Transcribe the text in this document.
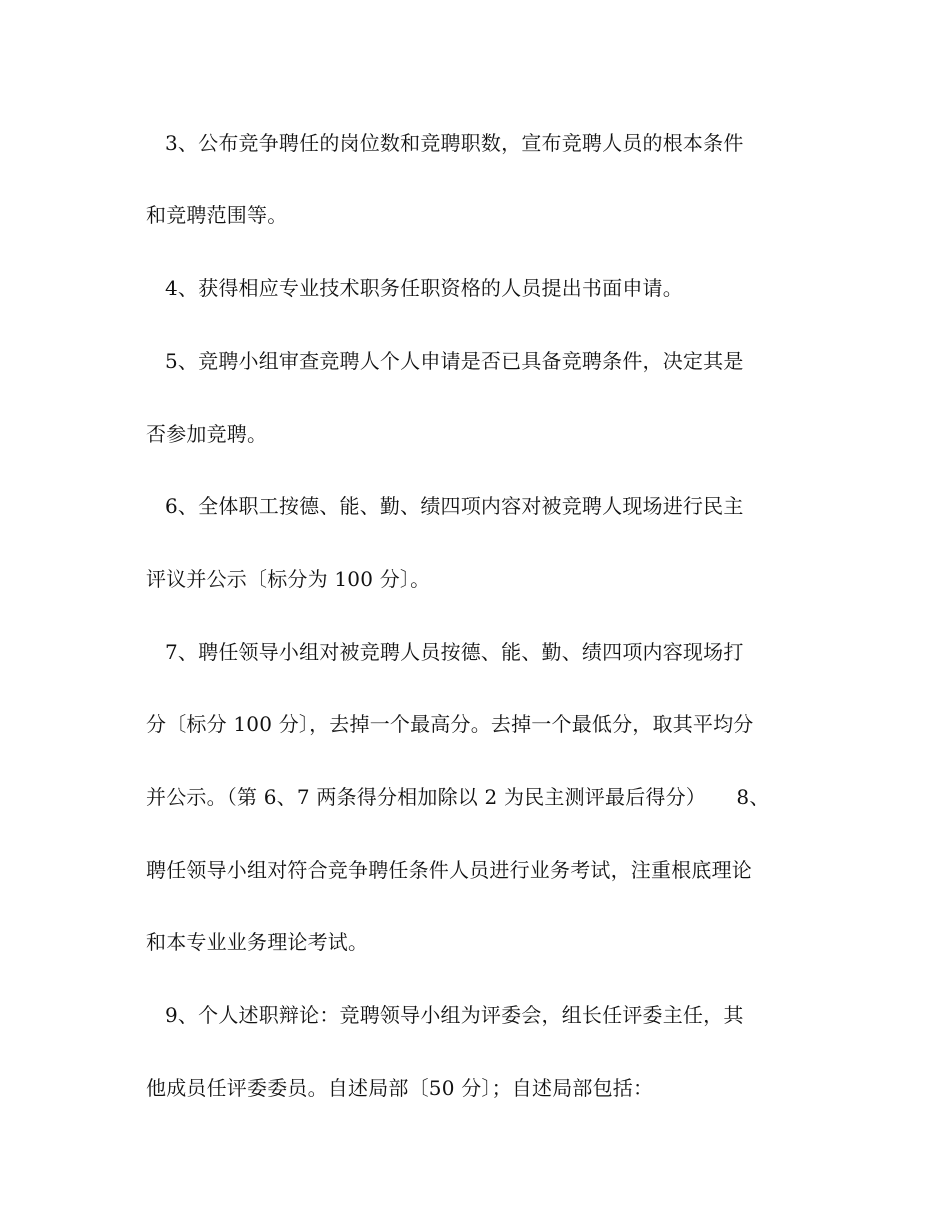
3、公布竞争聘任的岗位数和竞聘职数，宣布竞聘人员的根本条件
和竞聘范围等。
4、获得相应专业技术职务任职资格的人员提出书面申请。
5、竞聘小组审查竞聘人个人申请是否已具备竞聘条件，决定其是
否参加竞聘。
6、全体职工按德、能、勤、绩四项内容对被竞聘人现场进行民主
评议并公示〔标分为 100 分〕。
7、聘任领导小组对被竞聘人员按德、能、勤、绩四项内容现场打
分〔标分 100 分〕，去掉一个最高分。去掉一个最低分，取其平均分
并公示。（第 6、7 两条得分相加除以 2 为民主测评最后得分）　　8、
聘任领导小组对符合竞争聘任条件人员进行业务考试，注重根底理论
和本专业业务理论考试。
9、个人述职辩论：竞聘领导小组为评委会，组长任评委主任，其
他成员任评委委员。自述局部〔50 分〕；自述局部包括：
